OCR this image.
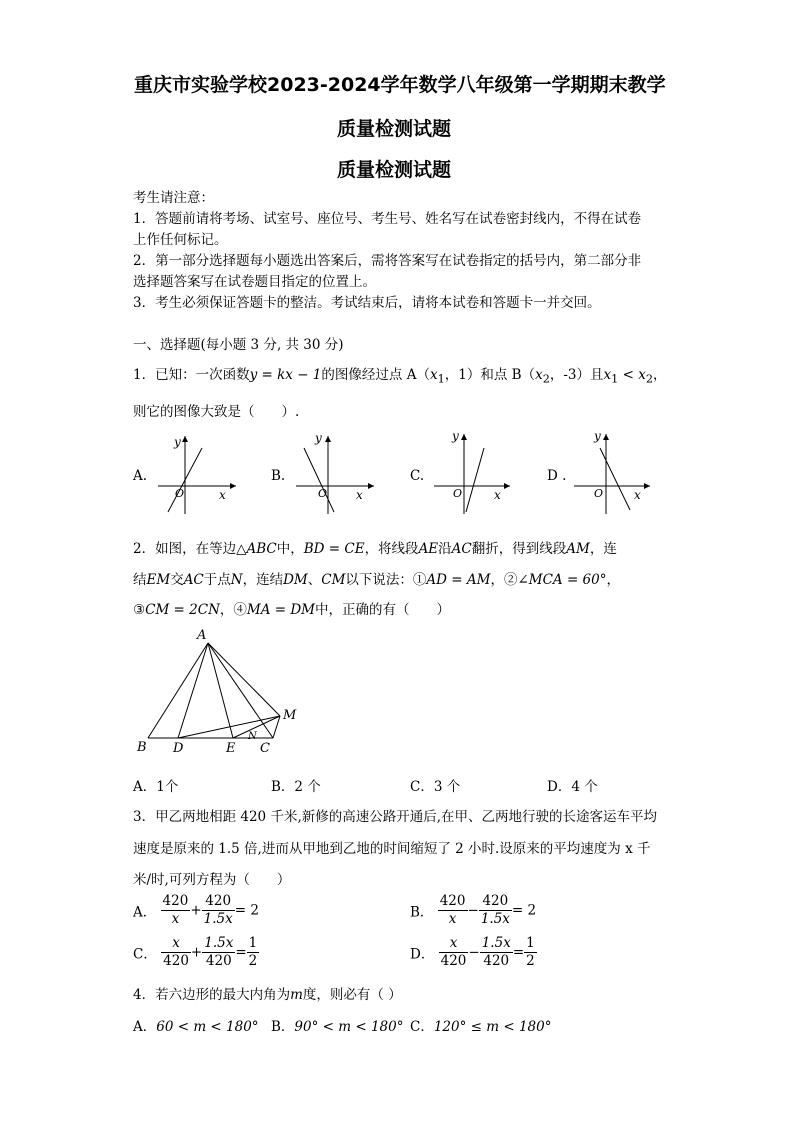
重庆市实验学校2023-2024学年数学八年级第一学期期末教学
质量检测试题
质量检测试题
考生请注意：
1．答题前请将考场、试室号、座位号、考生号、姓名写在试卷密封线内，不得在试卷
上作任何标记。
2．第一部分选择题每小题选出答案后，需将答案写在试卷指定的括号内，第二部分非
选择题答案写在试卷题目指定的位置上。
3．考生必须保证答题卡的整洁。考试结束后，请将本试卷和答题卡一并交回。
一、选择题(每小题 3 分, 共 30 分)
1．已知：一次函数y = kx − 1的图像经过点 $A(x_1$，1）和点 $B(x_2$，-3）且$x_1 < x_2$，
则它的图像大致是（　　）.
A.
y
x
O
B.
y
x
O
C.
y
x
O
D .
y
x
O
2．如图，在等边△ABC中，BD = CE，将线段AE沿AC翻折，得到线段AM，连
结EM交AC于点N，连结DM、CM以下说法：①AD = AM，②∠MCA = 60°，
③CM = 2CN，④MA = DM中，正确的有（　　）
A
B D	E C
M
N
A．1个	B．2 个	C．3 个	D．4 个
3．甲乙两地相距 420 千米,新修的高速公路开通后,在甲、乙两地行驶的长途客运车平均
速度是原来的 1.5 倍,进而从甲地到乙地的时间缩短了 2 小时.设原来的平均速度为 x 千
米/时,可列方程为（　　）
A． $\frac{420}{x} + \frac{420}{1.5x} = 2$	B． $\frac{420}{x} - \frac{420}{1.5x} = 2$
C． $\frac{x}{420} + \frac{1.5x}{420} = \frac{1}{2}$	D． $\frac{x}{420} - \frac{1.5x}{420} = \frac{1}{2}$
4．若六边形的最大内角为m度，则必有（ ）
A．60 < m < 180° B．90° < m < 180° C．120° ≤ m < 180°
